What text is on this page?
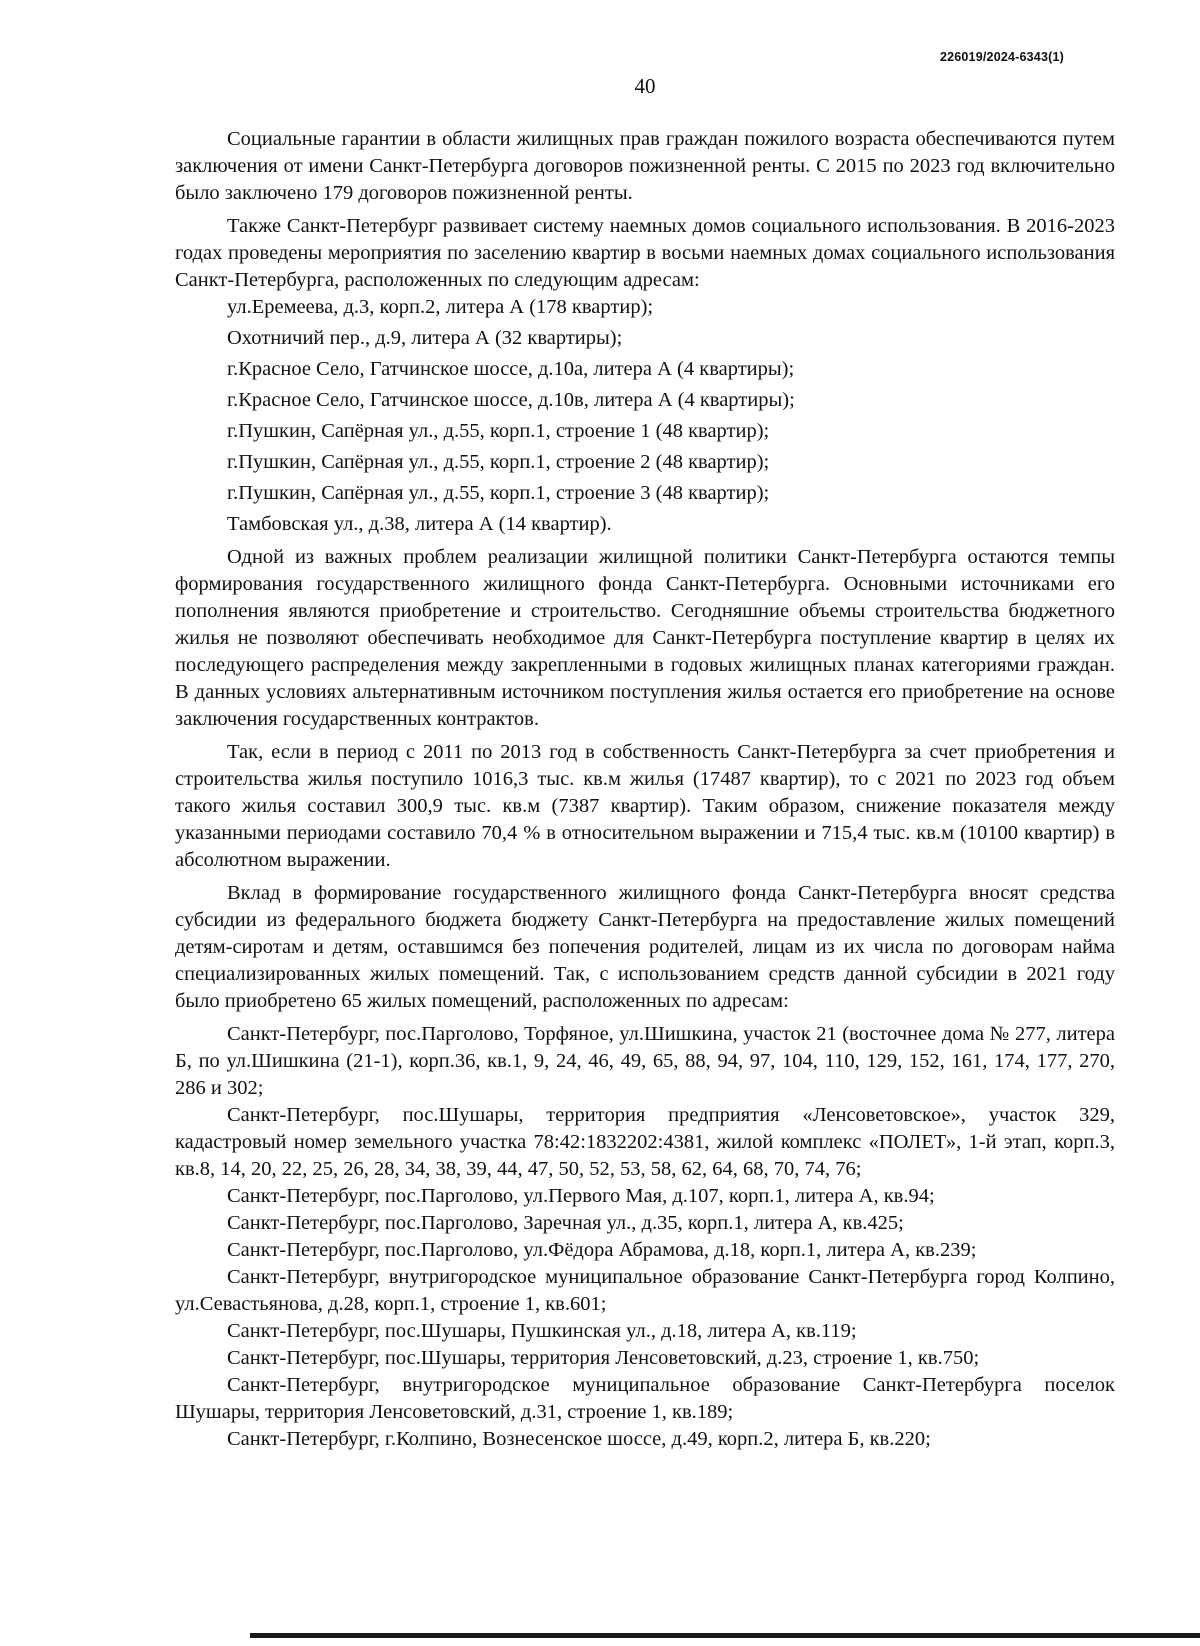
226019/2024-6343(1)
40

Социальные гарантии в области жилищных прав граждан пожилого возраста обеспечиваются путем заключения от имени Санкт-Петербурга договоров пожизненной ренты. С 2015 по 2023 год включительно было заключено 179 договоров пожизненной ренты.

Также Санкт-Петербург развивает систему наемных домов социального использования. В 2016-2023 годах проведены мероприятия по заселению квартир в восьми наемных домах социального использования Санкт-Петербурга, расположенных по следующим адресам:

ул.Еремеева, д.3, корп.2, литера А (178 квартир);
Охотничий пер., д.9, литера А (32 квартиры);
г.Красное Село, Гатчинское шоссе, д.10а, литера А (4 квартиры);
г.Красное Село, Гатчинское шоссе, д.10в, литера А (4 квартиры);
г.Пушкин, Сапёрная ул., д.55, корп.1, строение 1 (48 квартир);
г.Пушкин, Сапёрная ул., д.55, корп.1, строение 2 (48 квартир);
г.Пушкин, Сапёрная ул., д.55, корп.1, строение 3 (48 квартир);
Тамбовская ул., д.38, литера А (14 квартир).

Одной из важных проблем реализации жилищной политики Санкт-Петербурга остаются темпы формирования государственного жилищного фонда Санкт-Петербурга. Основными источниками его пополнения являются приобретение и строительство. Сегодняшние объемы строительства бюджетного жилья не позволяют обеспечивать необходимое для Санкт-Петербурга поступление квартир в целях их последующего распределения между закрепленными в годовых жилищных планах категориями граждан. В данных условиях альтернативным источником поступления жилья остается его приобретение на основе заключения государственных контрактов.

Так, если в период с 2011 по 2013 год в собственность Санкт-Петербурга за счет приобретения и строительства жилья поступило 1016,3 тыс. кв.м жилья (17487 квартир), то с 2021 по 2023 год объем такого жилья составил 300,9 тыс. кв.м (7387 квартир). Таким образом, снижение показателя между указанными периодами составило 70,4 % в относительном выражении и 715,4 тыс. кв.м (10100 квартир) в абсолютном выражении.

Вклад в формирование государственного жилищного фонда Санкт-Петербурга вносят средства субсидии из федерального бюджета бюджету Санкт-Петербурга на предоставление жилых помещений детям-сиротам и детям, оставшимся без попечения родителей, лицам из их числа по договорам найма специализированных жилых помещений. Так, с использованием средств данной субсидии в 2021 году было приобретено 65 жилых помещений, расположенных по адресам:

Санкт-Петербург, пос.Парголово, Торфяное, ул.Шишкина, участок 21 (восточнее дома № 277, литера Б, по ул.Шишкина (21-1), корп.36, кв.1, 9, 24, 46, 49, 65, 88, 94, 97, 104, 110, 129, 152, 161, 174, 177, 270, 286 и 302;

Санкт-Петербург, пос.Шушары, территория предприятия «Ленсоветовское», участок 329, кадастровый номер земельного участка 78:42:1832202:4381, жилой комплекс «ПОЛЕТ», 1-й этап, корп.3, кв.8, 14, 20, 22, 25, 26, 28, 34, 38, 39, 44, 47, 50, 52, 53, 58, 62, 64, 68, 70, 74, 76;

Санкт-Петербург, пос.Парголово, ул.Первого Мая, д.107, корп.1, литера А, кв.94;

Санкт-Петербург, пос.Парголово, Заречная ул., д.35, корп.1, литера А, кв.425;

Санкт-Петербург, пос.Парголово, ул.Фёдора Абрамова, д.18, корп.1, литера А, кв.239;

Санкт-Петербург, внутригородское муниципальное образование Санкт-Петербурга город Колпино, ул.Севастьянова, д.28, корп.1, строение 1, кв.601;

Санкт-Петербург, пос.Шушары, Пушкинская ул., д.18, литера А, кв.119;

Санкт-Петербург, пос.Шушары, территория Ленсоветовский, д.23, строение 1, кв.750;

Санкт-Петербург, внутригородское муниципальное образование Санкт-Петербурга поселок Шушары, территория Ленсоветовский, д.31, строение 1, кв.189;

Санкт-Петербург, г.Колпино, Вознесенское шоссе, д.49, корп.2, литера Б, кв.220;
